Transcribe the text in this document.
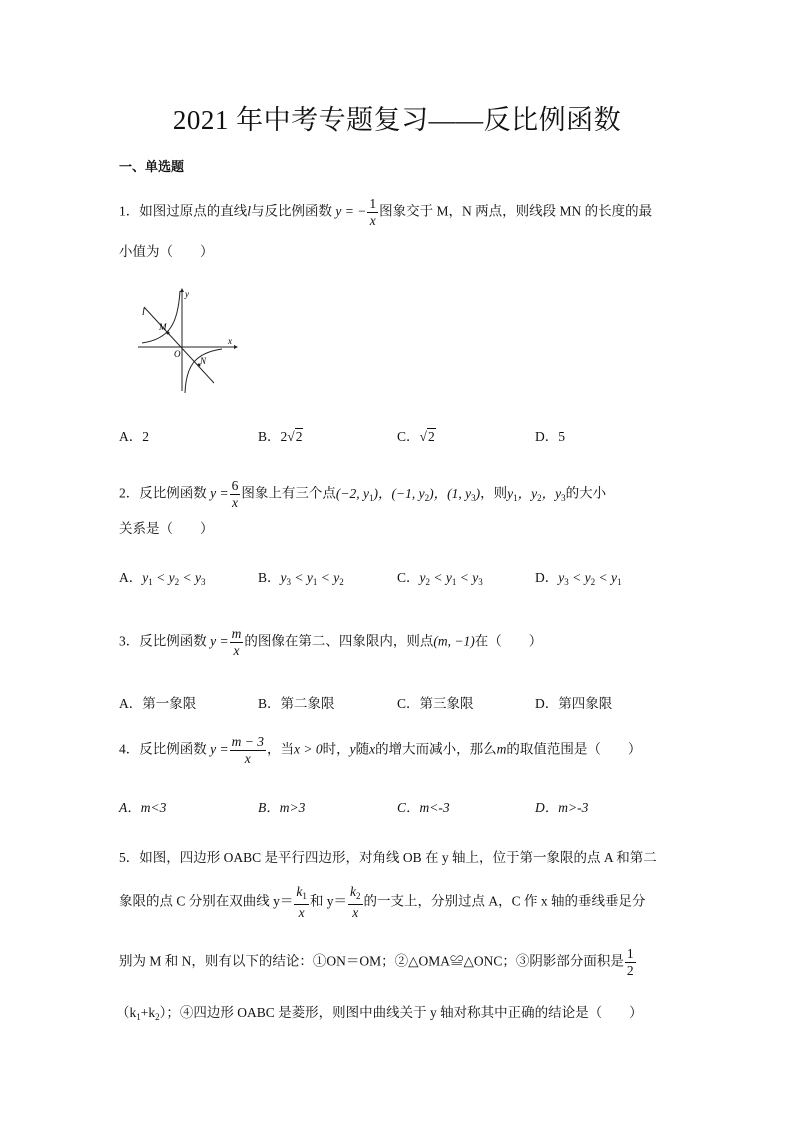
2021 年中考专题复习——反比例函数
一、单选题
1．如图过原点的直线l与反比例函数 y = − $\frac{1}{x}$ 图象交于 M，N 两点，则线段 MN 的长度的最
小值为（　　）
y
x
l
M
O
N
A．2	B．2√2	C．√2	D．5
2．反比例函数 $y = \frac{6}{x}$ 图象上有三个点(−2, $y_1$)，(−1, $y_2$)，(1, $y_3$)，则$y_1$，$y_2$，$y_3$的大小
关系是（　　）
A．$y_1 < y_2 < y_3$	B．$y_3 < y_1 < y_2$	C．$y_2 < y_1 < y_3$	D．$y_3 < y_2 < y_1$
3．反比例函数 $y = \frac{m}{x}$ 的图像在第二、四象限内，则点(m, −1)在（　　）
A．第一象限	B．第二象限	C．第三象限	D．第四象限
4．反比例函数 $y = \frac{m - 3}{x}$ ，当x > 0时，y随x的增大而减小，那么m的取值范围是（　　）
A．m<3	B．m>3	C．m<-3	D．m>-3
5．如图，四边形 OABC 是平行四边形，对角线 OB 在 y 轴上，位于第一象限的点 A 和第二
象限的点 C 分别在双曲线 $y= \frac{k_1}{x}$ 和 $y= \frac{k_2}{x}$ 的一支上，分别过点 A，C 作 x 轴的垂线垂足分
别为 M 和 N，则有以下的结论：①ON＝OM；②△OMA≌△ONC；③阴影部分面积是 $\frac{1}{2}$
$(k_1+k_2)$；④四边形 OABC 是菱形，则图中曲线关于 y 轴对称其中正确的结论是（　　）
